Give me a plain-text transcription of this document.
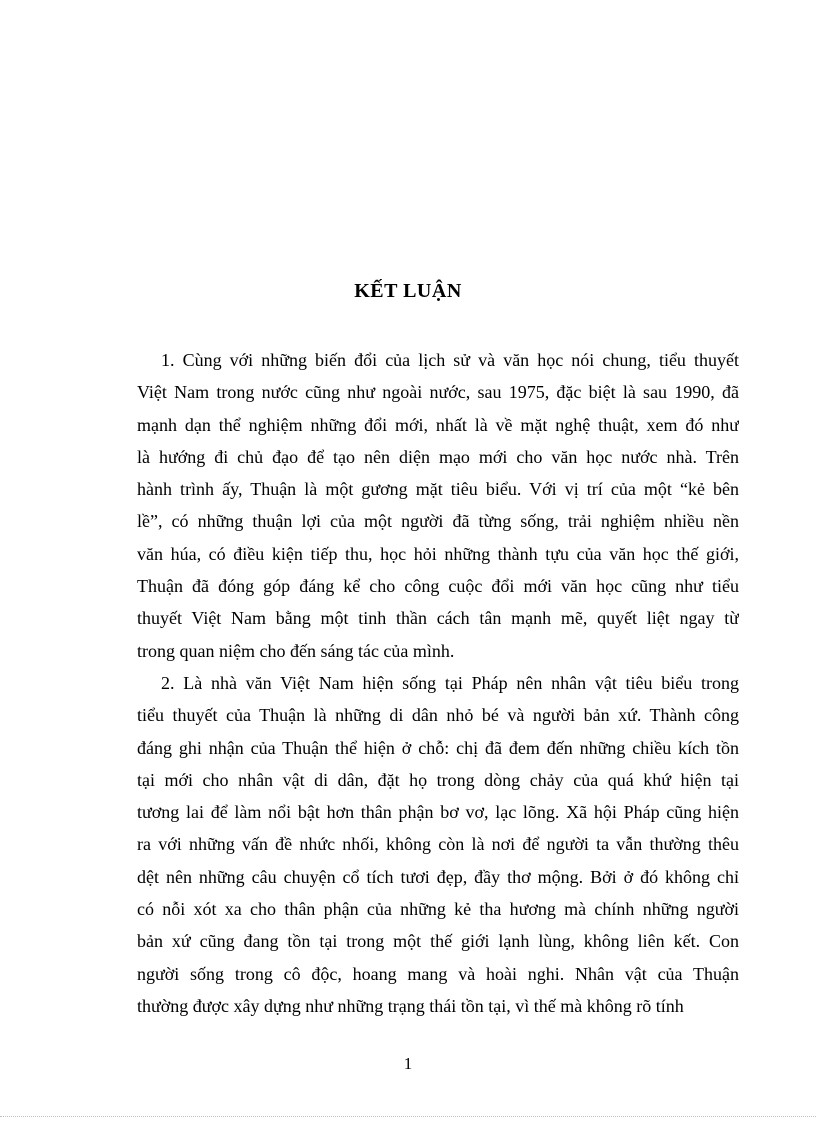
KẾT LUẬN
1. Cùng với những biến đổi của lịch sử và văn học nói chung, tiểu thuyết
Việt Nam trong nước cũng như ngoài nước, sau 1975, đặc biệt là sau 1990, đã
mạnh dạn thể nghiệm những đổi mới, nhất là về mặt nghệ thuật, xem đó như
là hướng đi chủ đạo để tạo nên diện mạo mới cho văn học nước nhà. Trên
hành trình ấy, Thuận là một gương mặt tiêu biểu. Với vị trí của một “kẻ bên
lề”, có những thuận lợi của một người đã từng sống, trải nghiệm nhiều nền
văn húa, có điều kiện tiếp thu, học hỏi những thành tựu của văn học thế giới,
Thuận đã đóng góp đáng kể cho công cuộc đổi mới văn học cũng như tiểu
thuyết Việt Nam bằng một tinh thần cách tân mạnh mẽ, quyết liệt ngay từ
trong quan niệm cho đến sáng tác của mình.
2. Là nhà văn Việt Nam hiện sống tại Pháp nên nhân vật tiêu biểu trong
tiểu thuyết của Thuận là những di dân nhỏ bé và người bản xứ. Thành công
đáng ghi nhận của Thuận thể hiện ở chỗ: chị đã đem đến những chiều kích tồn
tại mới cho nhân vật di dân, đặt họ trong dòng chảy của quá khứ hiện tại
tương lai để làm nổi bật hơn thân phận bơ vơ, lạc lõng. Xã hội Pháp cũng hiện
ra với những vấn đề nhức nhối, không còn là nơi để người ta vẫn thường thêu
dệt nên những câu chuyện cổ tích tươi đẹp, đầy thơ mộng. Bởi ở đó không chỉ
có nỗi xót xa cho thân phận của những kẻ tha hương mà chính những người
bản xứ cũng đang tồn tại trong một thế giới lạnh lùng, không liên kết. Con
người sống trong cô độc, hoang mang và hoài nghi. Nhân vật của Thuận
thường được xây dựng như những trạng thái tồn tại, vì thế mà không rõ tính
1
